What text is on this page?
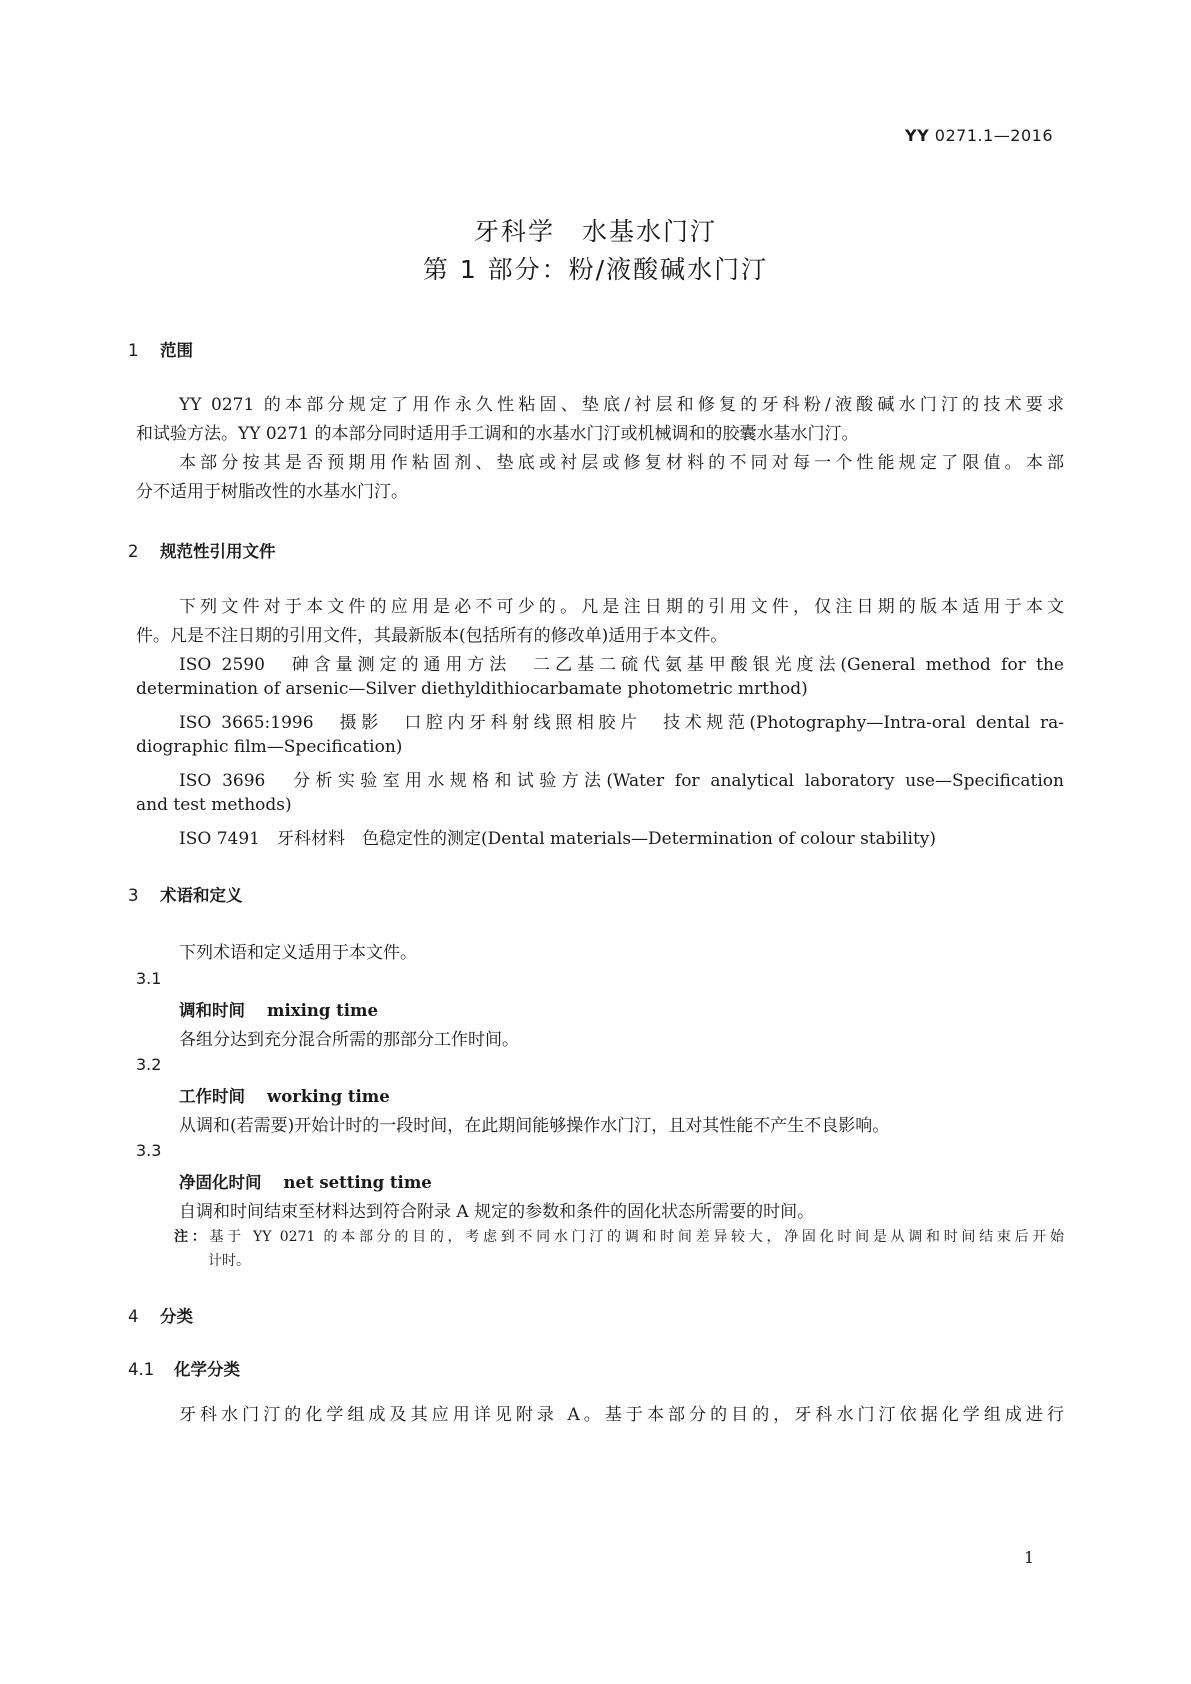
YY 0271.1—2016
牙科学　水基水门汀
第 1 部分：粉/液酸碱水门汀
1 范围
YY 0271 的本部分规定了用作永久性粘固、垫底/衬层和修复的牙科粉/液酸碱水门汀的技术要求
和试验方法。YY 0271 的本部分同时适用手工调和的水基水门汀或机械调和的胶囊水基水门汀。
本部分按其是否预期用作粘固剂、垫底或衬层或修复材料的不同对每一个性能规定了限值。本部
分不适用于树脂改性的水基水门汀。
2 规范性引用文件
下列文件对于本文件的应用是必不可少的。凡是注日期的引用文件，仅注日期的版本适用于本文
件。凡是不注日期的引用文件，其最新版本(包括所有的修改单)适用于本文件。
ISO 2590　砷含量测定的通用方法　二乙基二硫代氨基甲酸银光度法(General method for the
determination of arsenic—Silver diethyldithiocarbamate photometric mrthod)
ISO 3665:1996　摄影　口腔内牙科射线照相胶片　技术规范(Photography—Intra-oral dental ra-
diographic film—Specification)
ISO 3696　分析实验室用水规格和试验方法(Water for analytical laboratory use—Specification
and test methods)
ISO 7491　牙科材料　色稳定性的测定(Dental materials—Determination of colour stability)
3 术语和定义
下列术语和定义适用于本文件。
3.1
调和时间 mixing time
各组分达到充分混合所需的那部分工作时间。
3.2
工作时间 working time
从调和(若需要)开始计时的一段时间，在此期间能够操作水门汀，且对其性能不产生不良影响。
3.3
净固化时间 net setting time
自调和时间结束至材料达到符合附录 A 规定的参数和条件的固化状态所需要的时间。
注：基于 YY 0271 的本部分的目的，考虑到不同水门汀的调和时间差异较大，净固化时间是从调和时间结束后开始
计时。
4 分类
4.1 化学分类
牙科水门汀的化学组成及其应用详见附录 A。基于本部分的目的，牙科水门汀依据化学组成进行
1
